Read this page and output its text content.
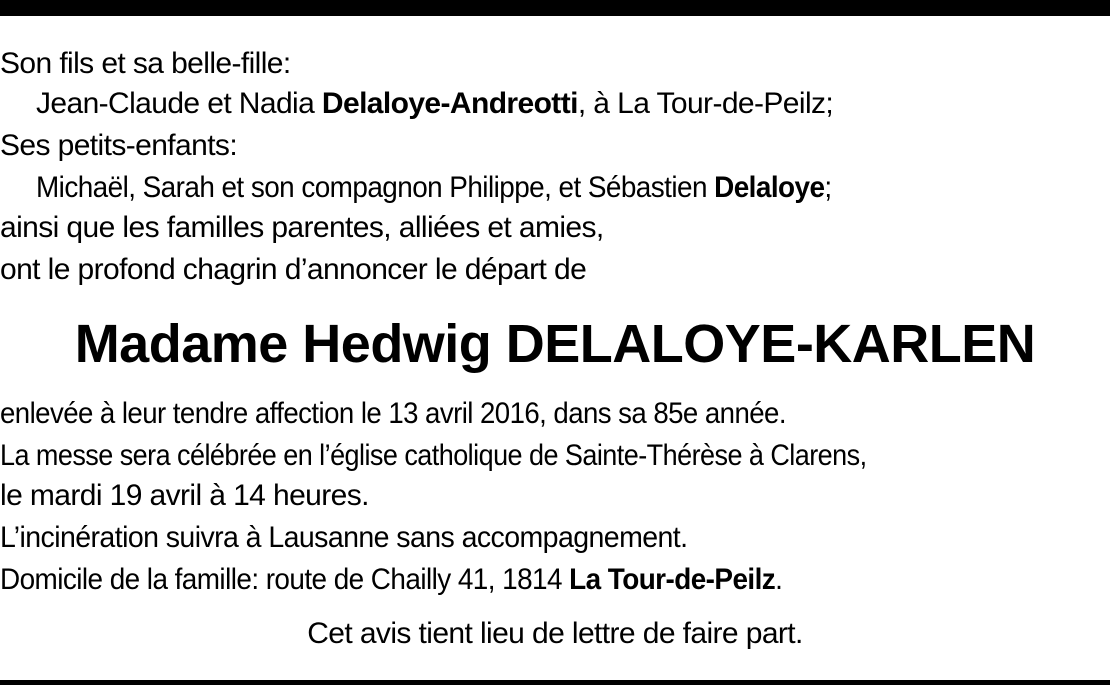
Son fils et sa belle-fille:
Jean-Claude et Nadia Delaloye-Andreotti, à La Tour-de-Peilz;
Ses petits-enfants:
Michaël, Sarah et son compagnon Philippe, et Sébastien Delaloye;
ainsi que les familles parentes, alliées et amies,
ont le profond chagrin d’annoncer le départ de
Madame Hedwig DELALOYE-KARLEN
enlevée à leur tendre affection le 13 avril 2016, dans sa 85e année.
La messe sera célébrée en l’église catholique de Sainte-Thérèse à Clarens,
le mardi 19 avril à 14 heures.
L’incinération suivra à Lausanne sans accompagnement.
Domicile de la famille: route de Chailly 41, 1814 La Tour-de-Peilz.
Cet avis tient lieu de lettre de faire part.
